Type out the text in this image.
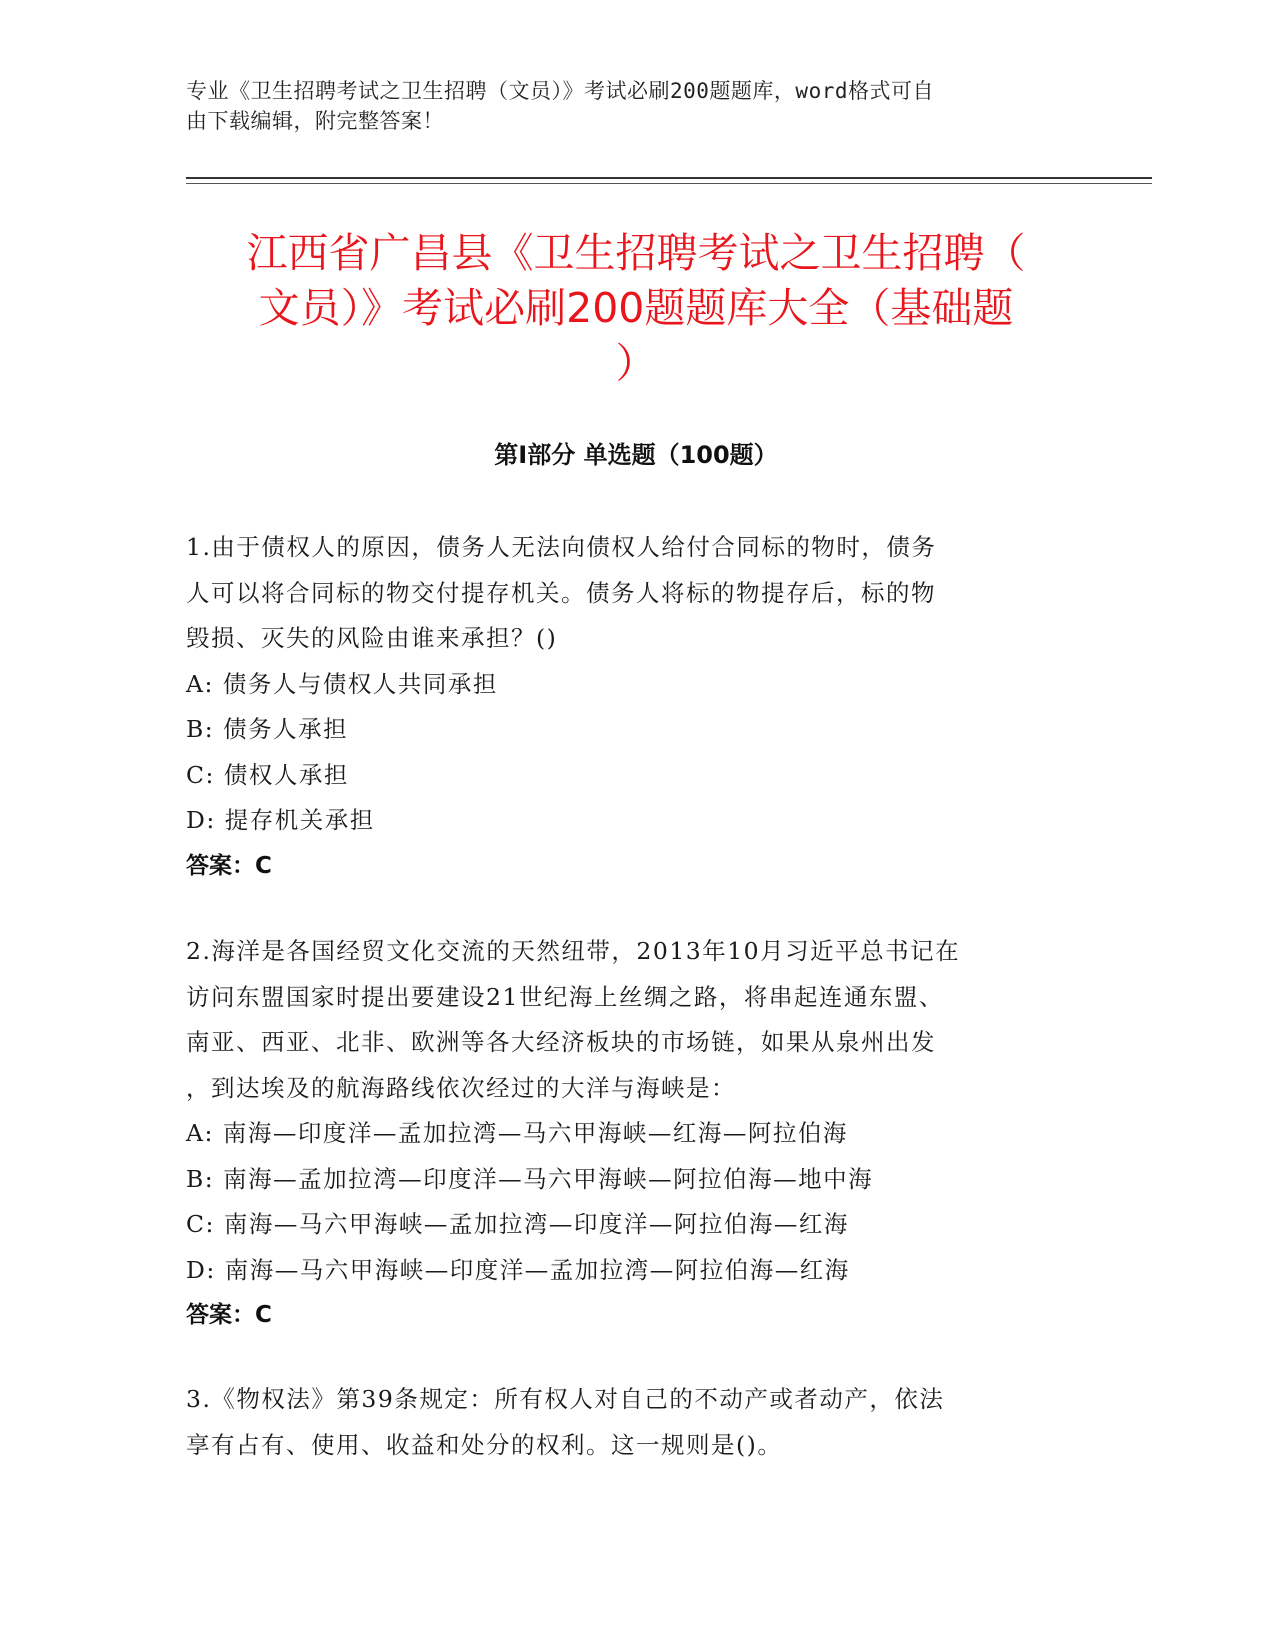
专业《卫生招聘考试之卫生招聘（文员）》考试必刷200题题库，word格式可自
由下载编辑，附完整答案！
江西省广昌县《卫生招聘考试之卫生招聘（
文员）》考试必刷200题题库大全（基础题
）
第Ⅰ部分 单选题（100题）

1.由于债权人的原因，债务人无法向债权人给付合同标的物时，债务

人可以将合同标的物交付提存机关。债务人将标的物提存后，标的物

毁损、灭失的风险由谁来承担？()

A: 债务人与债权人共同承担

B: 债务人承担

C: 债权人承担

D: 提存机关承担

答案：C

2.海洋是各国经贸文化交流的天然纽带，2013年10月习近平总书记在

访问东盟国家时提出要建设21世纪海上丝绸之路，将串起连通东盟、

南亚、西亚、北非、欧洲等各大经济板块的市场链，如果从泉州出发

，到达埃及的航海路线依次经过的大洋与海峡是：

A: 南海—印度洋—孟加拉湾—马六甲海峡—红海—阿拉伯海

B: 南海—孟加拉湾—印度洋—马六甲海峡—阿拉伯海—地中海

C: 南海—马六甲海峡—孟加拉湾—印度洋—阿拉伯海—红海

D: 南海—马六甲海峡—印度洋—孟加拉湾—阿拉伯海—红海

答案：C

3.《物权法》第39条规定：所有权人对自己的不动产或者动产，依法

享有占有、使用、收益和处分的权利。这一规则是()。
